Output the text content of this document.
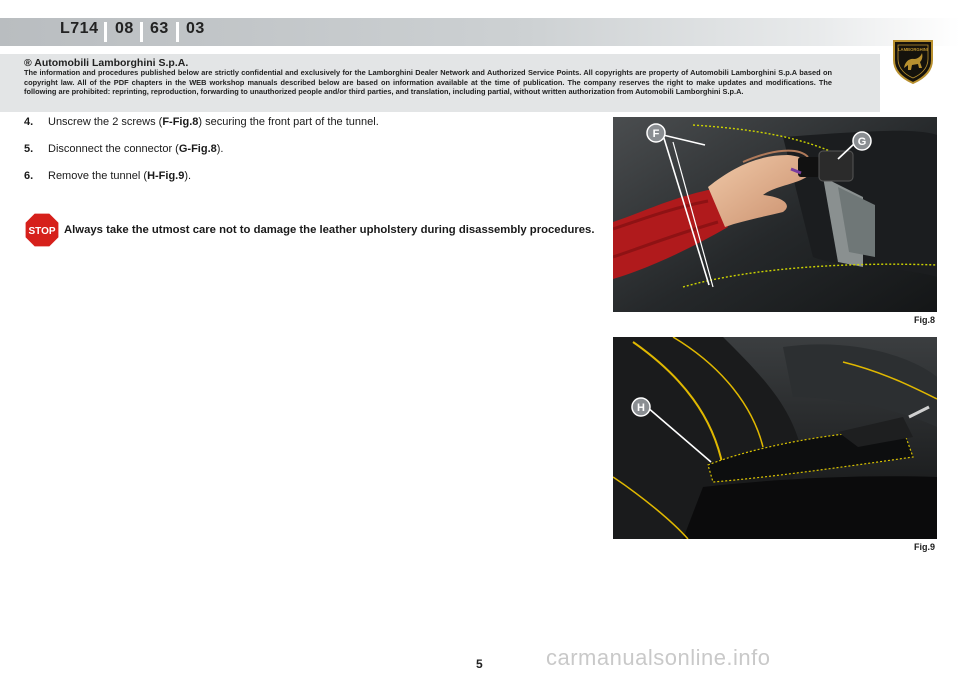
L714 08 63 03
LAMBORGHINI
® Automobili Lamborghini S.p.A.
The information and procedures published below are strictly confidential and exclusively for the Lamborghini Dealer Network and Authorized Service Points. All copyrights are property of Automobili Lamborghini S.p.A based on copyright law. All of the PDF chapters in the WEB workshop manuals described below are based on information available at the time of publication. The company reserves the right to make updates and modifications. The following are prohibited: reprinting, reproduction, forwarding to unauthorized people and/or third parties, and translation, including partial, without written authorization from Automobili Lamborghini S.p.A.
4. Unscrew the 2 screws (F-Fig.8) securing the front part of the tunnel.
5. Disconnect the connector (G-Fig.8).
6. Remove the tunnel (H-Fig.9).
STOP Always take the utmost care not to damage the leather upholstery during disassembly procedures.
F
G
Fig.8
H
Fig.9
5	carmanualsonline.info
